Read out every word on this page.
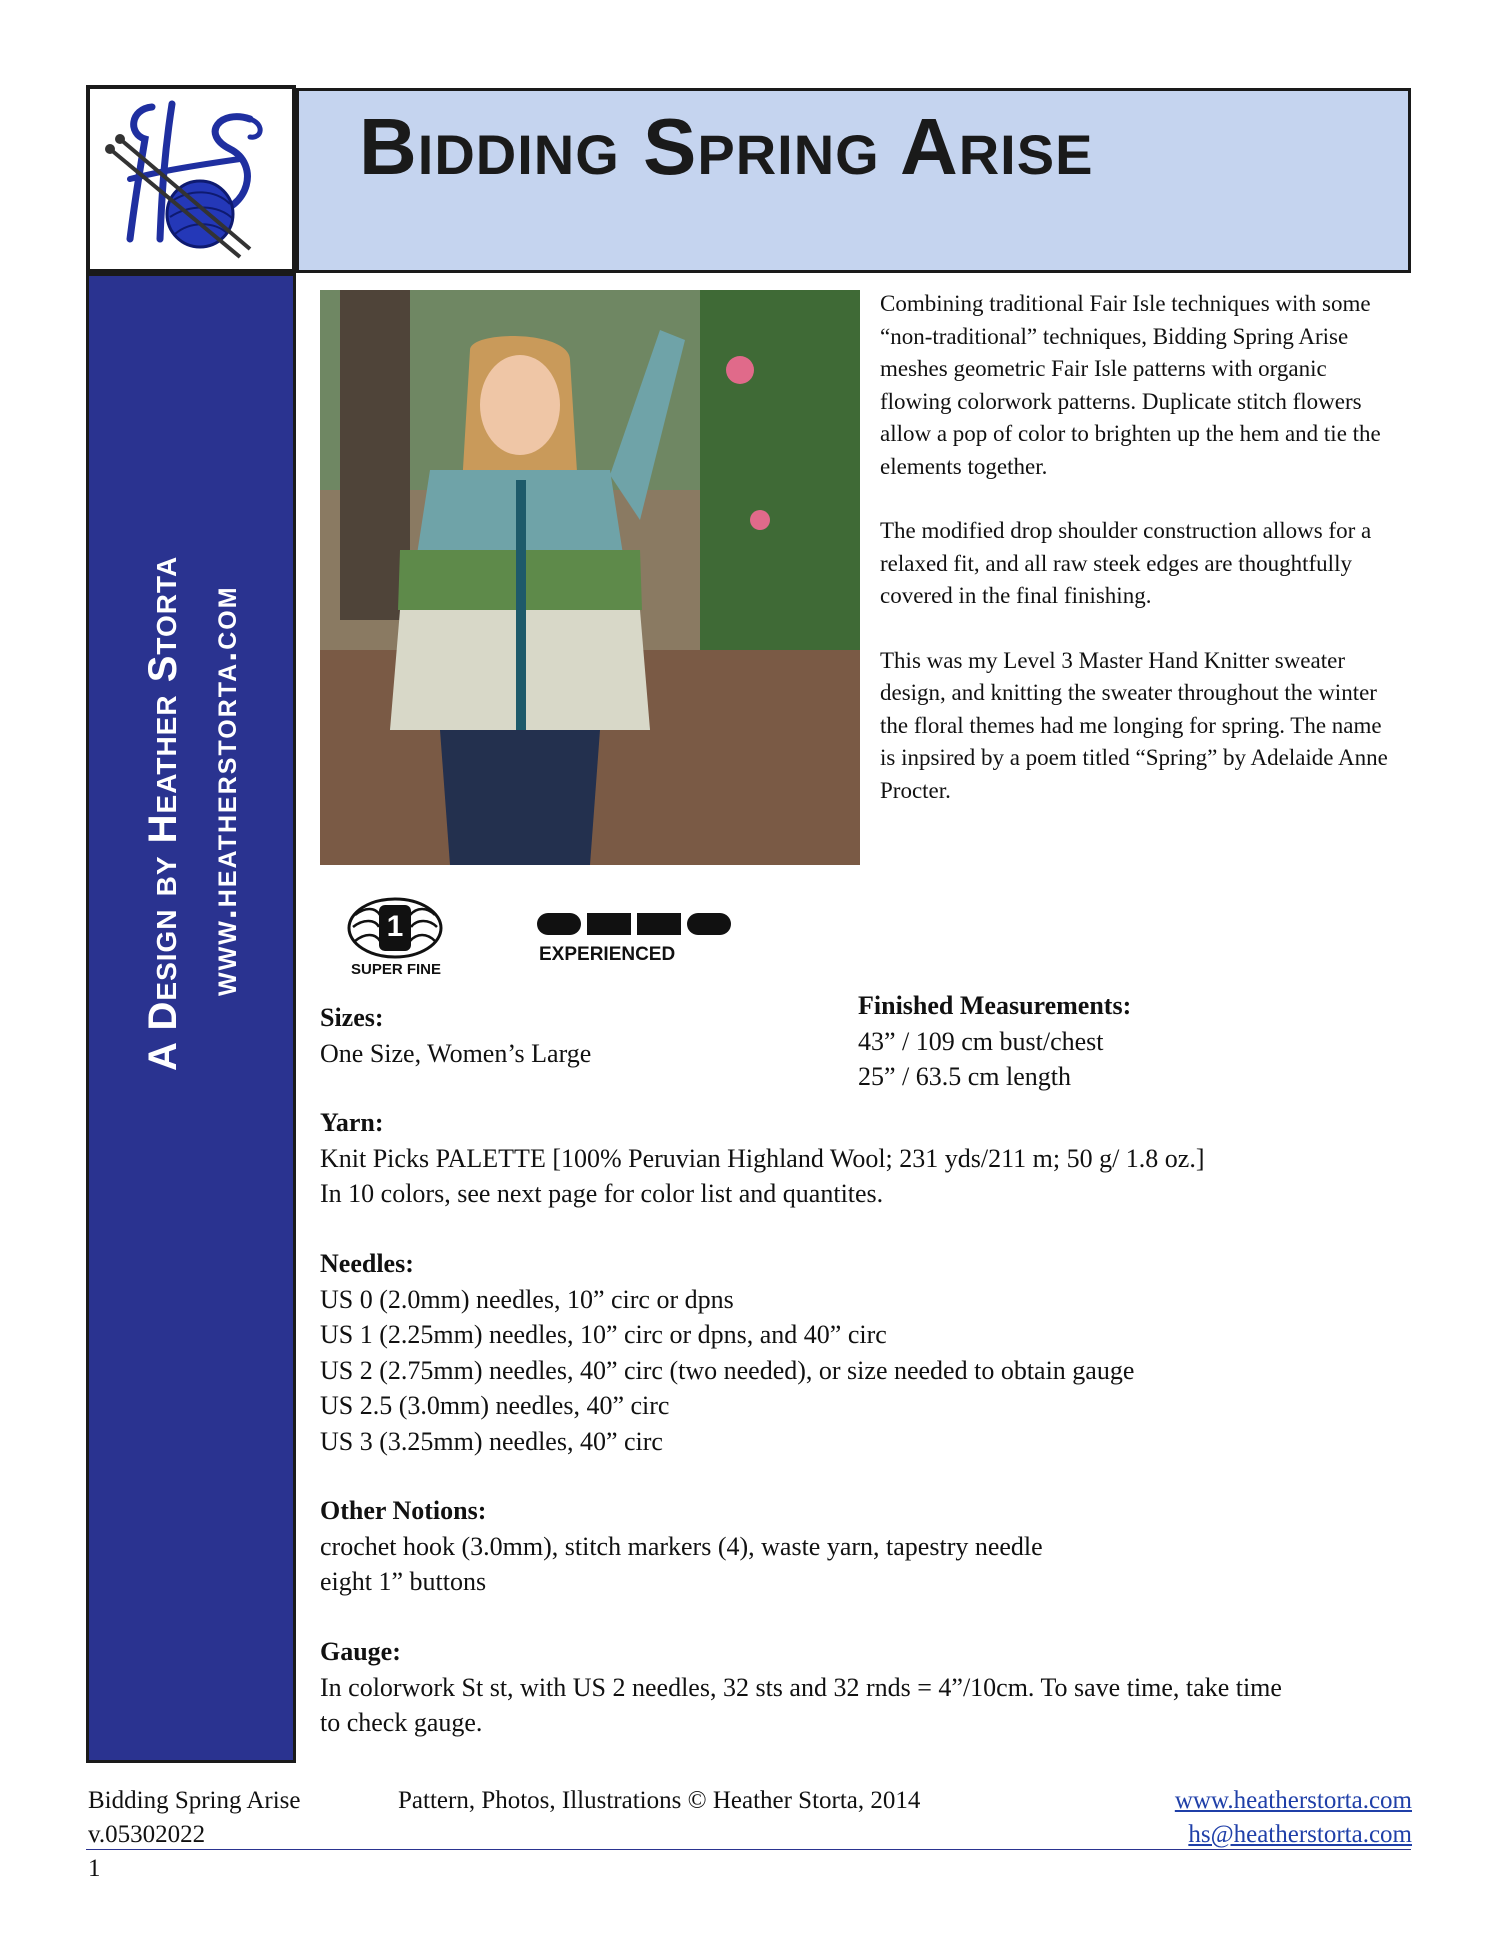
Bidding Spring Arise
A Design by Heather Storta www.heatherstorta.com

Combining traditional Fair Isle techniques with some “non-traditional” techniques, Bidding Spring Arise meshes geometric Fair Isle patterns with organic flowing colorwork patterns. Duplicate stitch flowers allow a pop of color to brighten up the hem and tie the elements together.

The modified drop shoulder construction allows for a relaxed fit, and all raw steek edges are thoughtfully covered in the final finishing.

This was my Level 3 Master Hand Knitter sweater design, and knitting the sweater throughout the winter the floral themes had me longing for spring. The name is inpsired by a poem titled “Spring” by Adelaide Anne Procter.

1
SUPER FINE
EXPERIENCED
Sizes:
One Size, Women’s Large
Finished Measurements:
43” / 109 cm bust/chest
25” / 63.5 cm length
Yarn:
Knit Picks PALETTE [100% Peruvian Highland Wool; 231 yds/211 m; 50 g/ 1.8 oz.]
In 10 colors, see next page for color list and quantites.
Needles:
US 0 (2.0mm) needles, 10” circ or dpns
US 1 (2.25mm) needles, 10” circ or dpns, and 40” circ
US 2 (2.75mm) needles, 40” circ (two needed), or size needed to obtain gauge
US 2.5 (3.0mm) needles, 40” circ
US 3 (3.25mm) needles, 40” circ
Other Notions:
crochet hook (3.0mm), stitch markers (4), waste yarn, tapestry needle
eight 1” buttons
Gauge:
In colorwork St st, with US 2 needles, 32 sts and 32 rnds = 4”/10cm. To save time, take time
to check gauge.
Bidding Spring Arise
v.05302022
1
Pattern, Photos, Illustrations © Heather Storta, 2014	www.heatherstorta.com
hs@heatherstorta.com
